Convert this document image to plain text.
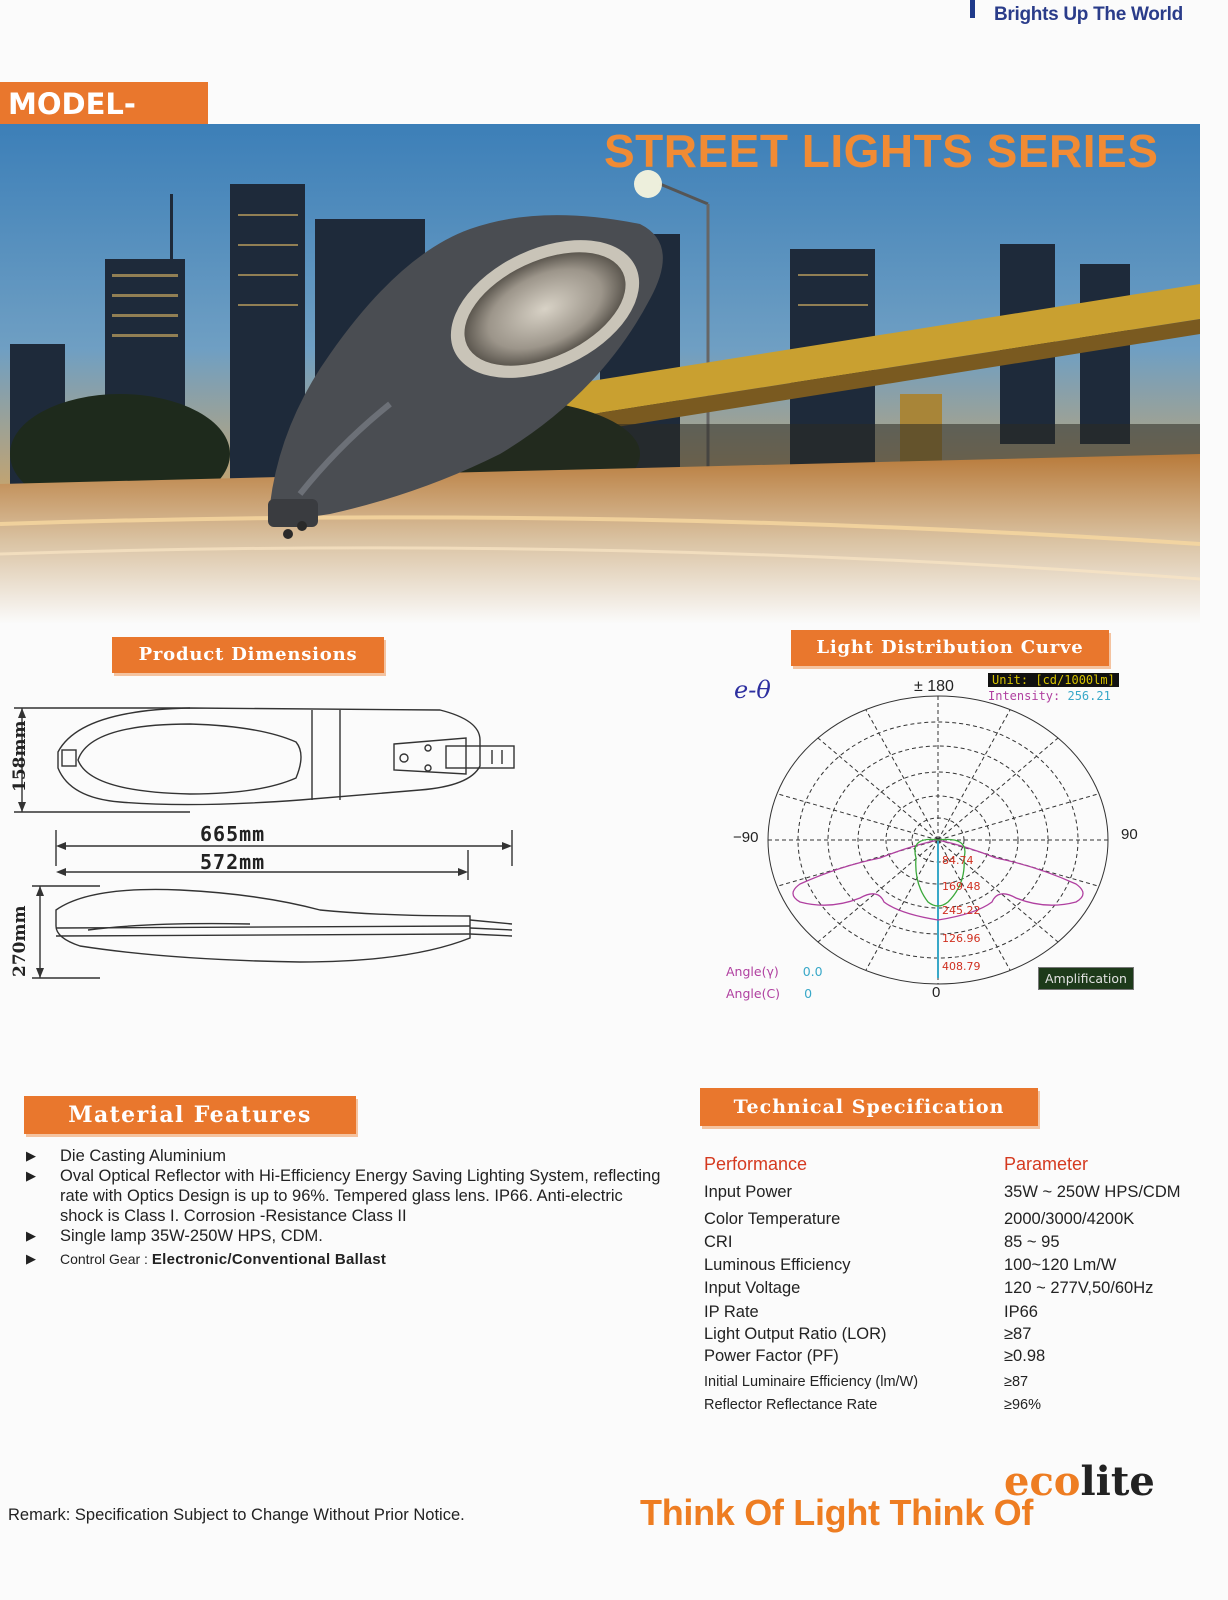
Brights Up The World
MODEL-
STREET LIGHTS SERIES
Product Dimensions
158mm
665mm
572mm
270mm
Light Distribution Curve
e-θ	± 180	Unit: [cd/1000lm]
Intensity: 256.21
−90	90
0
84.74
169.48
245.22
126.96
408.79
Angle(γ) 0.0
Angle(C) 0
Amplification
Material Features
▶	Die Casting Aluminium
▶	Oval Optical Reflector with Hi-Efficiency Energy Saving Lighting System, reflecting rate with Optics Design is up to 96%. Tempered glass lens. IP66. Anti-electric shock is Class I. Corrosion -Resistance Class II
▶	Single lamp 35W-250W HPS, CDM.
▶	Control Gear : Electronic/Conventional Ballast
Technical Specification
Performance	Parameter
Input Power	35W ~ 250W HPS/CDM
Color Temperature	2000/3000/4200K
CRI	85 ~ 95
Luminous Efficiency	100~120 Lm/W
Input Voltage	120 ~ 277V,50/60Hz
IP Rate	IP66
Light Output Ratio (LOR)	≥87
Power Factor (PF)	≥0.98
Initial Luminaire Efficiency (lm/W)	≥87
Reflector Reflectance Rate	≥96%
Remark: Specification Subject to Change Without Prior Notice.	Think Of Light Think Of
ecolite
